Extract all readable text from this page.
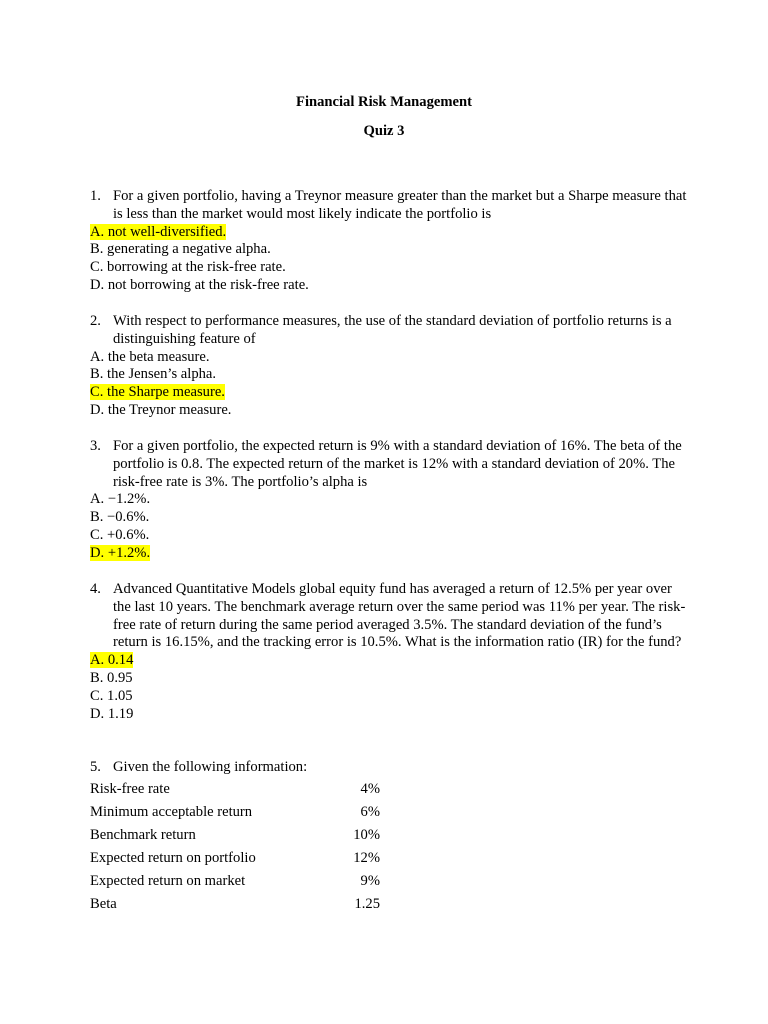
Financial Risk Management
Quiz 3
1. For a given portfolio, having a Treynor measure greater than the market but a Sharpe measure that is less than the market would most likely indicate the portfolio is
A. not well-diversified.
B. generating a negative alpha.
C. borrowing at the risk-free rate.
D. not borrowing at the risk-free rate.
2. With respect to performance measures, the use of the standard deviation of portfolio returns is a distinguishing feature of
A. the beta measure.
B. the Jensen’s alpha.
C. the Sharpe measure.
D. the Treynor measure.
3. For a given portfolio, the expected return is 9% with a standard deviation of 16%. The beta of the portfolio is 0.8. The expected return of the market is 12% with a standard deviation of 20%. The risk-free rate is 3%. The portfolio’s alpha is
A. −1.2%.
B. −0.6%.
C. +0.6%.
D. +1.2%.
4. Advanced Quantitative Models global equity fund has averaged a return of 12.5% per year over the last 10 years. The benchmark average return over the same period was 11% per year. The risk-free rate of return during the same period averaged 3.5%. The standard deviation of the fund’s return is 16.15%, and the tracking error is 10.5%. What is the information ratio (IR) for the fund?
A. 0.14
B. 0.95
C. 1.05
D. 1.19
5. Given the following information:
Risk-free rate	4%
Minimum acceptable return	6%
Benchmark return	10%
Expected return on portfolio	12%
Expected return on market	9%
Beta	1.25
